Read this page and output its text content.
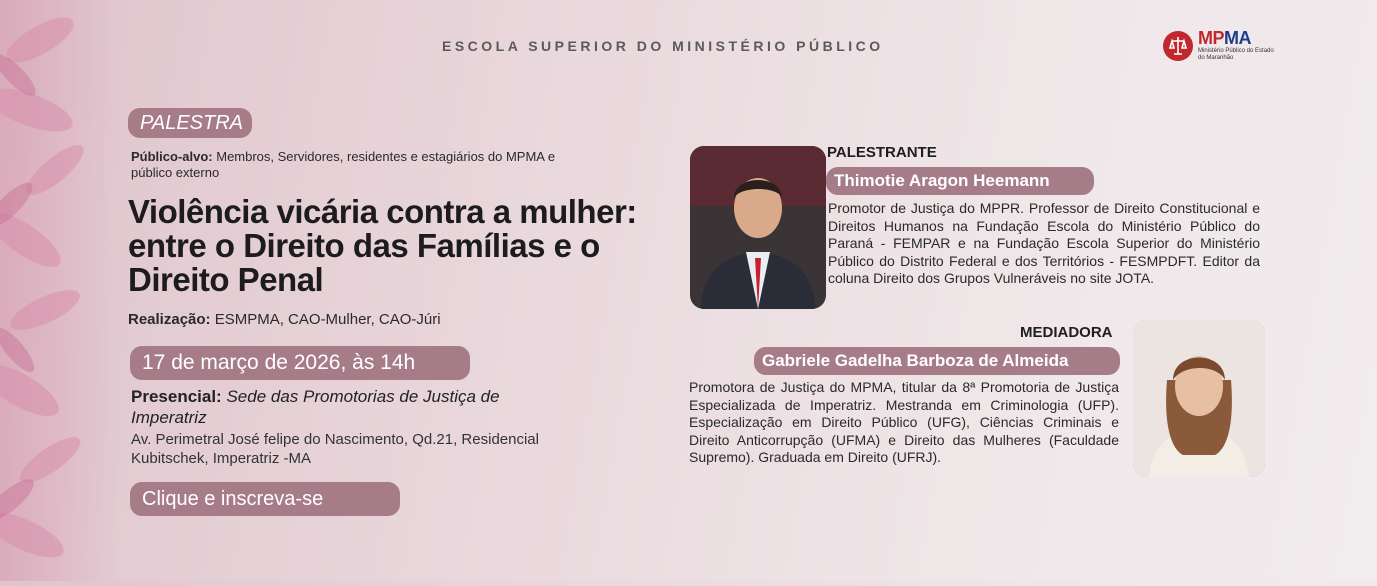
ESCOLA SUPERIOR DO MINISTÉRIO PÚBLICO	MPMA
Ministério Público do Estado do Maranhão
PALESTRA
Público-alvo: Membros, Servidores, residentes e estagiários do MPMA e público externo
Violência vicária contra a mulher: entre o Direito das Famílias e o Direito Penal
Realização: ESMPMA, CAO-Mulher, CAO-Júri
17 de março de 2026, às 14h
Presencial: Sede das Promotorias de Justiça de Imperatriz
Av. Perimetral José felipe do Nascimento, Qd.21, Residencial Kubitschek, Imperatriz -MA
Clique e inscreva-se
PALESTRANTE
Thimotie Aragon Heemann

Promotor de Justiça do MPPR. Professor de Direito Constitucional e Direitos Humanos na Fundação Escola do Ministério Público do Paraná - FEMPAR e na Fundação Escola Superior do Ministério Público do Distrito Federal e dos Territórios - FESMPDFT. Editor da coluna Direito dos Grupos Vulneráveis no site JOTA.

MEDIADORA
Gabriele Gadelha Barboza de Almeida

Promotora de Justiça do MPMA, titular da 8ª Promotoria de Justiça Especializada de Imperatriz. Mestranda em Criminologia (UFP). Especialização em Direito Público (UFG), Ciências Criminais e Direito Anticorrupção (UFMA) e Direito das Mulheres (Faculdade Supremo). Graduada em Direito (UFRJ).
